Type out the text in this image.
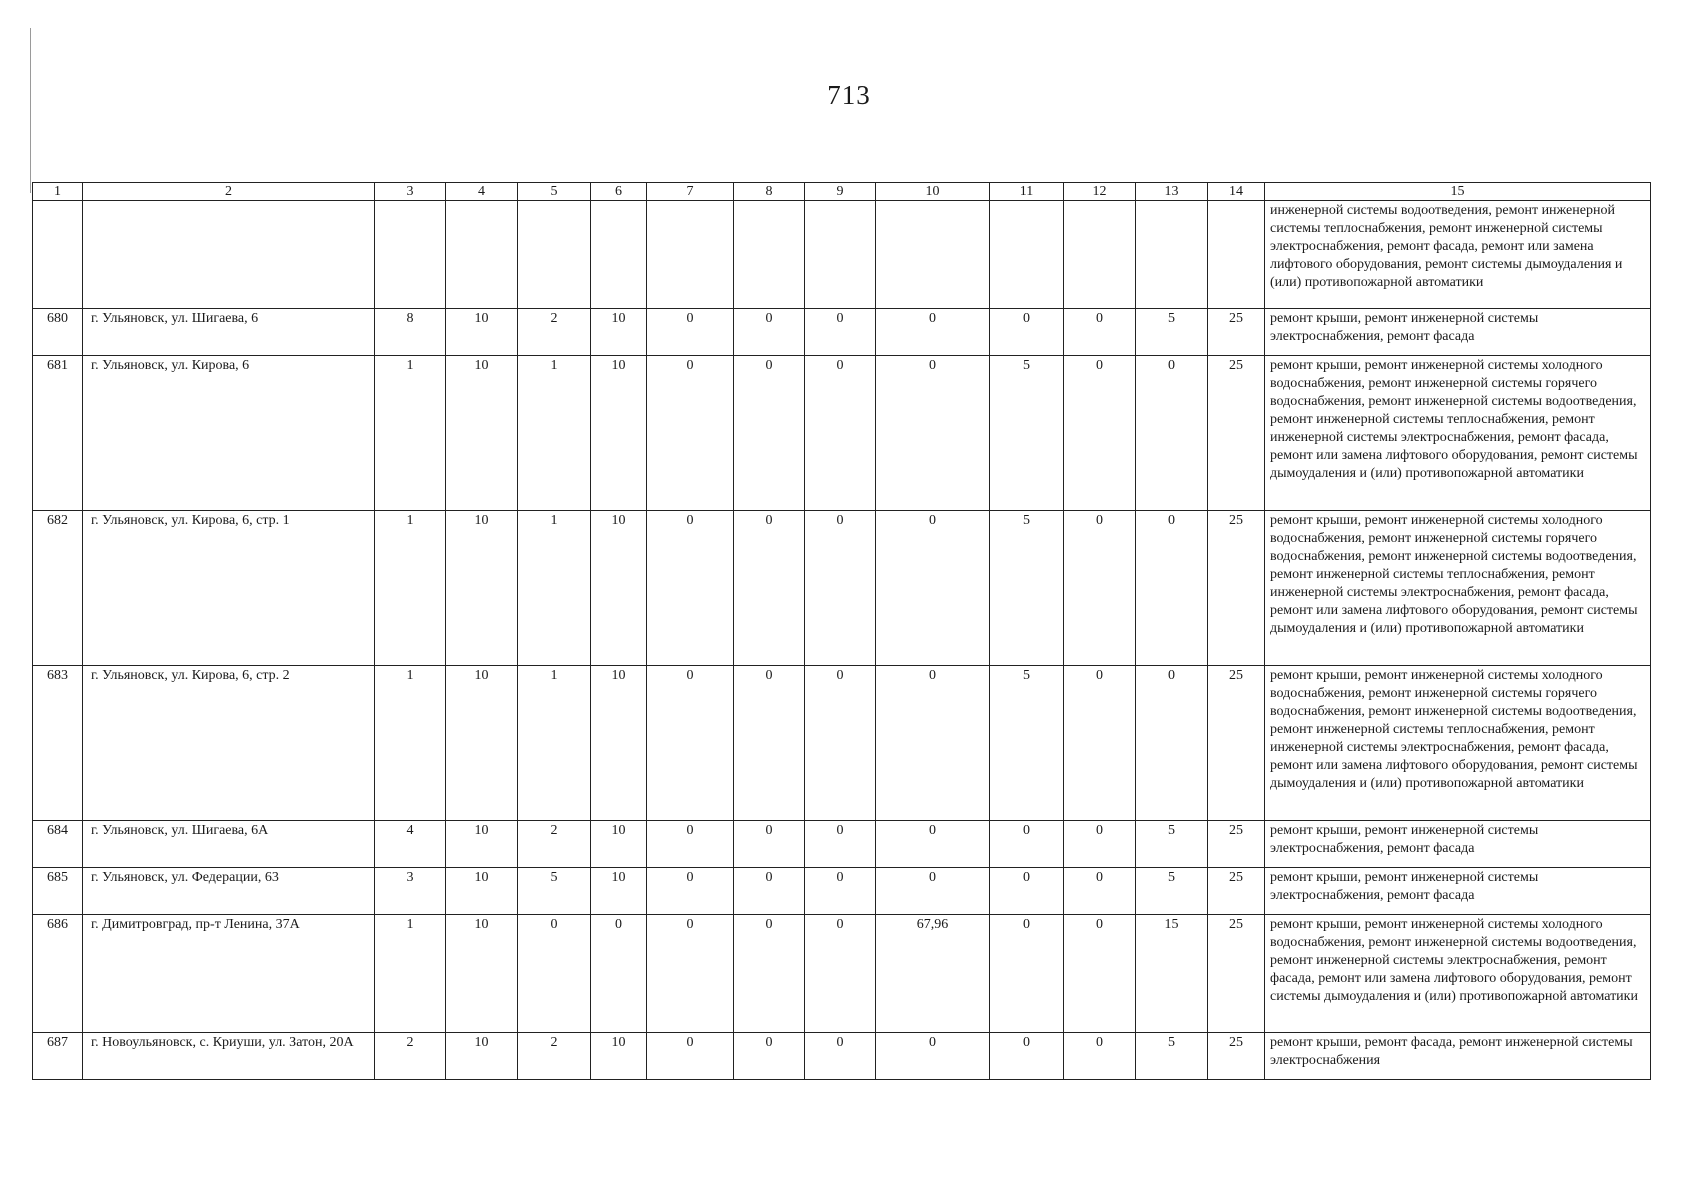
713
1	2	3	4	5	6	7	8	9	10	11	12	13	14	15
														инженерной системы водоотведения, ремонт инженерной системы теплоснабжения, ремонт инженерной системы электроснабжения, ремонт фасада, ремонт или замена лифтового оборудования, ремонт системы дымоудаления и (или) противопожарной автоматики
680	г. Ульяновск, ул. Шигаева, 6	8	10	2	10	0	0	0	0	0	0	5	25	ремонт крыши, ремонт инженерной системы электроснабжения, ремонт фасада
681	г. Ульяновск, ул. Кирова, 6	1	10	1	10	0	0	0	0	5	0	0	25	ремонт крыши, ремонт инженерной системы холодного водоснабжения, ремонт инженерной системы горячего водоснабжения, ремонт инженерной системы водоотведения, ремонт инженерной системы теплоснабжения, ремонт инженерной системы электроснабжения, ремонт фасада, ремонт или замена лифтового оборудования, ремонт системы дымоудаления и (или) противопожарной автоматики
682	г. Ульяновск, ул. Кирова, 6, стр. 1	1	10	1	10	0	0	0	0	5	0	0	25	ремонт крыши, ремонт инженерной системы холодного водоснабжения, ремонт инженерной системы горячего водоснабжения, ремонт инженерной системы водоотведения, ремонт инженерной системы теплоснабжения, ремонт инженерной системы электроснабжения, ремонт фасада, ремонт или замена лифтового оборудования, ремонт системы дымоудаления и (или) противопожарной автоматики
683	г. Ульяновск, ул. Кирова, 6, стр. 2	1	10	1	10	0	0	0	0	5	0	0	25	ремонт крыши, ремонт инженерной системы холодного водоснабжения, ремонт инженерной системы горячего водоснабжения, ремонт инженерной системы водоотведения, ремонт инженерной системы теплоснабжения, ремонт инженерной системы электроснабжения, ремонт фасада, ремонт или замена лифтового оборудования, ремонт системы дымоудаления и (или) противопожарной автоматики
684	г. Ульяновск, ул. Шигаева, 6А	4	10	2	10	0	0	0	0	0	0	5	25	ремонт крыши, ремонт инженерной системы электроснабжения, ремонт фасада
685	г. Ульяновск, ул. Федерации, 63	3	10	5	10	0	0	0	0	0	0	5	25	ремонт крыши, ремонт инженерной системы электроснабжения, ремонт фасада
686	г. Димитровград, пр-т Ленина, 37А	1	10	0	0	0	0	0	67,96	0	0	15	25	ремонт крыши, ремонт инженерной системы холодного водоснабжения, ремонт инженерной системы водоотведения, ремонт инженерной системы электроснабжения, ремонт фасада, ремонт или замена лифтового оборудования, ремонт системы дымоудаления и (или) противопожарной автоматики
687	г. Новоульяновск, с. Криуши, ул. Затон, 20А	2	10	2	10	0	0	0	0	0	0	5	25	ремонт крыши, ремонт фасада, ремонт инженерной системы электроснабжения
